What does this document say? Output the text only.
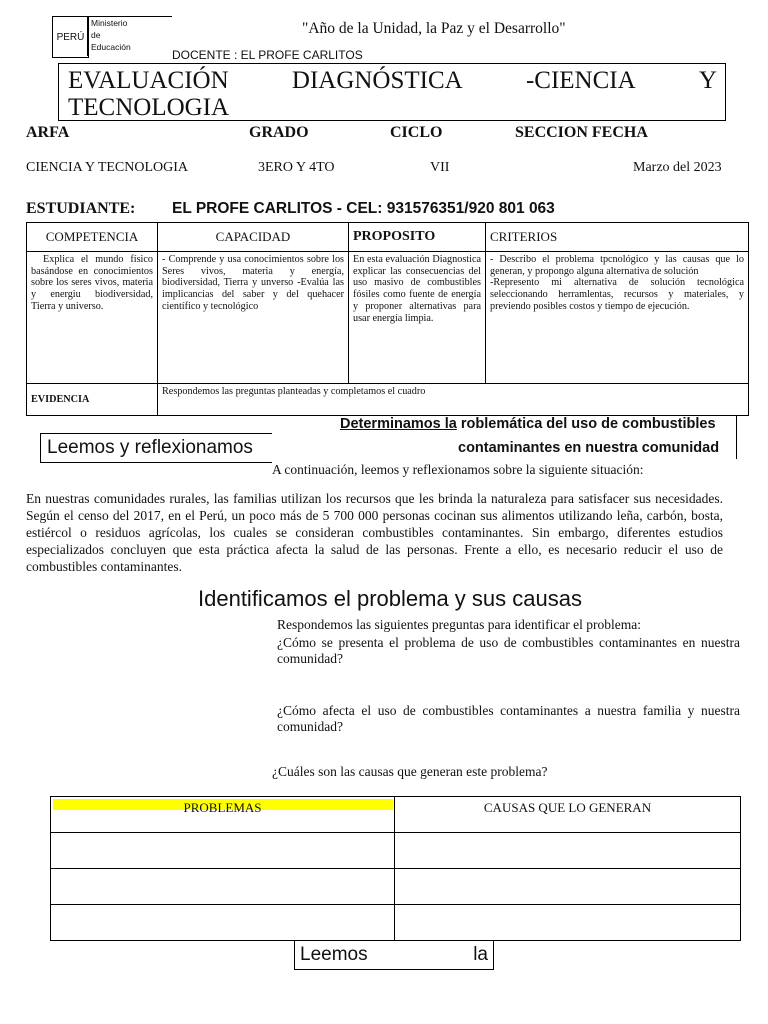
PERÚ
Ministerio
de
Educación
"Año de la Unidad, la Paz y el Desarrollo"
DOCENTE : EL PROFE CARLITOS
EVALUACIÓN	DIAGNÓSTICA	-CIENCIA	Y
TECNOLOGIA
ARFA	GRADO	CICLO	SECCION FECHA
CIENCIA Y TECNOLOGIA	3ERO Y 4TO	VII	Marzo del 2023
ESTUDIANTE: EL PROFE CARLITOS - CEL: 931576351/920 801 063
COMPETENCIA	CAPACIDAD	PROPOSITO	CRITERIOS
Explica el mundo físico basándose en conocimientos sobre los seres vivos, materia y energiu biodiversidad, Tierra y universo.	- Comprende y usa conocimientos sobre los Seres vivos, materia y energía, biodiversidad, Tierra y unverso -Evalúa las implicancias del saber y del quehacer científico y tecnológico	En esta evaluación Diagnostica explicar las consecuencias del uso masivo de combustibles fósiles como fuente de energía y proponer alternativas para usar energía limpia.	- Describo el problema tpcnológico y las causas que lo generan, y propongo alguna alternativa de solución
-Represento mi alternativa de solución tecnológica seleccionando herramlentas, recursos y materiales, y previendo posibles costos y tiempo de ejecución.

EVIDENCIA	Respondemos las preguntas planteadas y completamos el cuadro		
Determinamos la roblemática del uso de combustibles
contaminantes en nuestra comunidad
Leemos y reflexionamos
A continuación, leemos y reflexionamos sobre la siguiente situación:
En nuestras comunidades rurales, las familias utilizan los recursos que les brinda la naturaleza para satisfacer sus necesidades. Según el censo del 2017, en el Perú, un poco más de 5 700 000 personas cocinan sus alimentos utilizando leña, carbón, bosta, estiércol o residuos agrícolas, los cuales se consideran combustibles contaminantes. Sin embargo, diferentes estudios especializados concluyen que esta práctica afecta la salud de las personas. Frente a ello, es necesario reducir el uso de combustibles contaminantes.
Identificamos el problema y sus causas

Respondemos las siguientes preguntas para identificar el problema:

¿Cómo se presenta el problema de uso de combustibles contaminantes en nuestra comunidad?

¿Cómo afecta el uso de combustibles contaminantes a nuestra familia y nuestra comunidad?

¿Cuáles son las causas que generan este problema?
PROBLEMAS	CAUSAS QUE LO GENERAN

Leemos	la
